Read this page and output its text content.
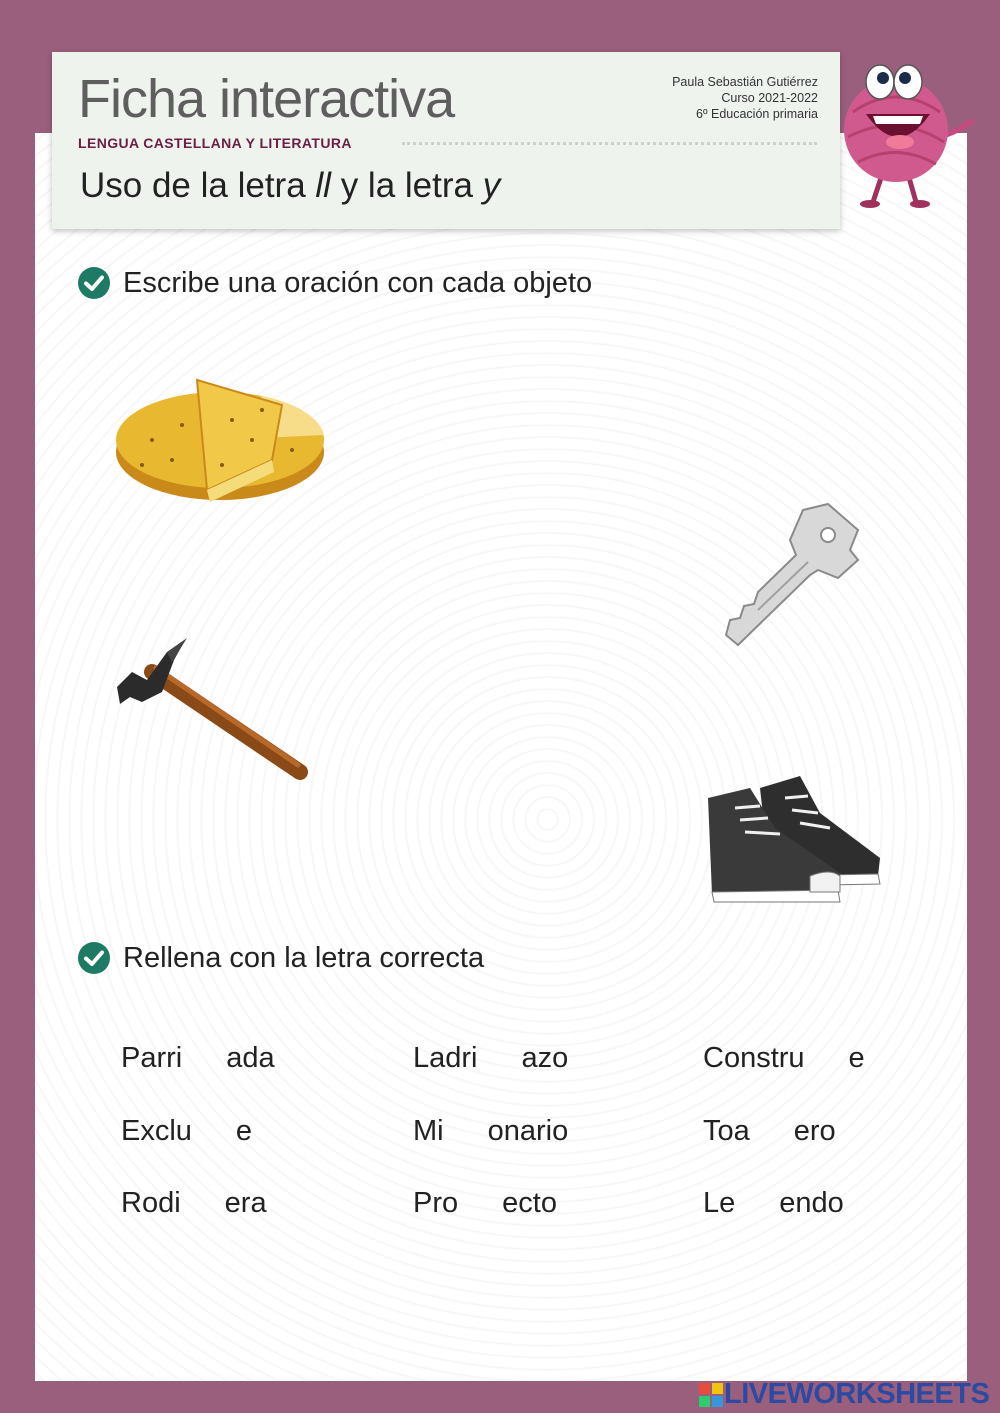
Ficha interactiva
LENGUA CASTELLANA Y LITERATURA
Paula Sebastián Gutiérrez
Curso 2021-2022
6º Educación primaria
Uso de la letra ll y la letra y
Escribe una oración con cada objeto
Rellena con la letra correcta
Parri ada	Ladri azo	Constru e
Exclu e	Mi onario	Toa ero
Rodi era	Pro ecto	Le endo
LIVEWORKSHEETS
